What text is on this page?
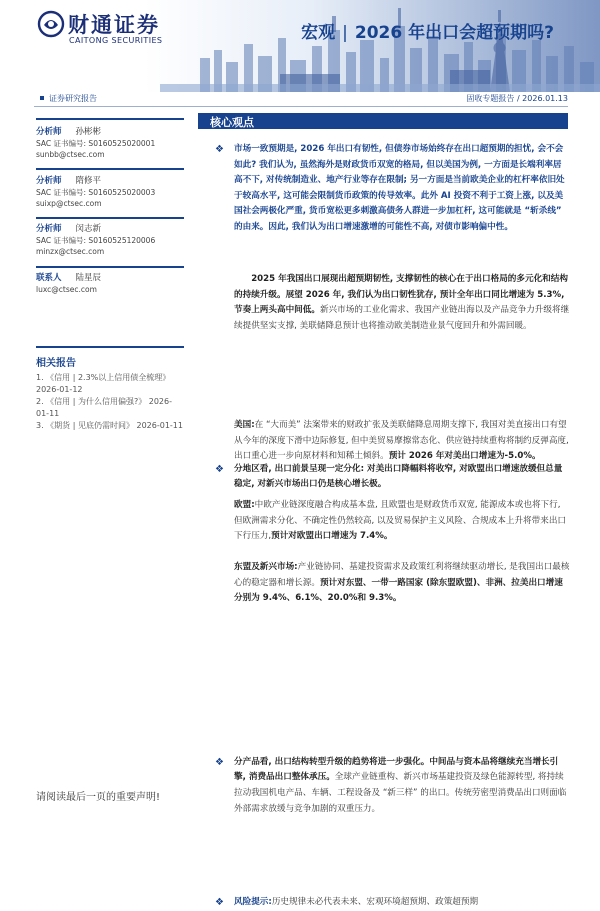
财通证券
CAITONG SECURITIES	宏观 | 2026 年出口会超预期吗?
证券研究报告	固收专题报告 / 2026.01.13
分析师 孙彬彬
SAC 证书编号: S0160525020001
sunbb@ctsec.com
分析师 隋修平
SAC 证书编号: S0160525020003
suixp@ctsec.com
分析师 闵志新
SAC 证书编号: S0160525120006
minzx@ctsec.com
联系人 陆星辰
luxc@ctsec.com
相关报告
1. 《信用 | 2.3%以上信用债全梳理》 2026-01-12
2. 《信用 | 为什么信用偏强?》 2026-01-11
3. 《期货 | 见底仍需时间》 2026-01-11
核心观点
❖ 市场一致预期是, 2026 年出口有韧性, 但债券市场始终存在出口超预期的担忧, 会不会如此? 我们认为, 虽然海外是财政货币双宽的格局, 但以美国为例, 一方面是长端利率居高不下, 对传统制造业、地产行业等存在限制; 另一方面是当前欧美企业的杠杆率依旧处于较高水平, 这可能会限制货币政策的传导效率。此外 AI 投资不利于工资上涨, 以及美国社会两极化严重, 货币宽松更多刺激高债务人群进一步加杠杆, 这可能就是 “斩杀线” 的由来。因此, 我们认为出口增速激增的可能性不高, 对债市影响偏中性。
2025 年我国出口展现出超预期韧性, 支撑韧性的核心在于出口格局的多元化和结构的持续升级。展望 2026 年, 我们认为出口韧性犹存, 预计全年出口同比增速为 5.3%, 节奏上两头高中间低。新兴市场的工业化需求、我国产业链出海以及产品竞争力升级将继续提供坚实支撑, 美联储降息预计也将推动欧美制造业景气度回升和外需回暖。
❖ 分地区看, 出口前景呈现一定分化: 对美出口降幅料将收窄, 对欧盟出口增速放缓但总量稳定, 对新兴市场出口仍是核心增长极。
美国:在 “大而美” 法案带来的财政扩张及美联储降息周期支撑下, 我国对美直接出口有望从今年的深度下滑中边际修复, 但中美贸易摩擦常态化、供应链持续重构将制约反弹高度, 出口重心进一步向原材料和知稀土倾斜。预计 2026 年对美出口增速为-5.0%。
欧盟:中欧产业链深度融合构成基本盘, 且欧盟也是财政货币双宽, 能源成本或也将下行, 但欧洲需求分化、不确定性仍然较高, 以及贸易保护主义风险、合规成本上升将带来出口下行压力,预计对欧盟出口增速为 7.4%。
东盟及新兴市场:产业链协同、基建投资需求及政策红利将继续驱动增长, 是我国出口最核心的稳定器和增长源。预计对东盟、一带一路国家 (除东盟欧盟)、非洲、拉美出口增速分别为 9.4%、6.1%、20.0%和 9.3%。
❖ 分产品看, 出口结构转型升级的趋势将进一步强化。中间品与资本品将继续充当增长引擎, 消费品出口整体承压。全球产业链重构、新兴市场基建投资及绿色能源转型, 将持续拉动我国机电产品、车辆、工程设备及 “新三样” 的出口。传统劳密型消费品出口则面临外部需求放缓与竞争加剧的双重压力。
❖ 风险提示:历史规律未必代表未来、宏观环境超预期、政策超预期
请阅读最后一页的重要声明!
